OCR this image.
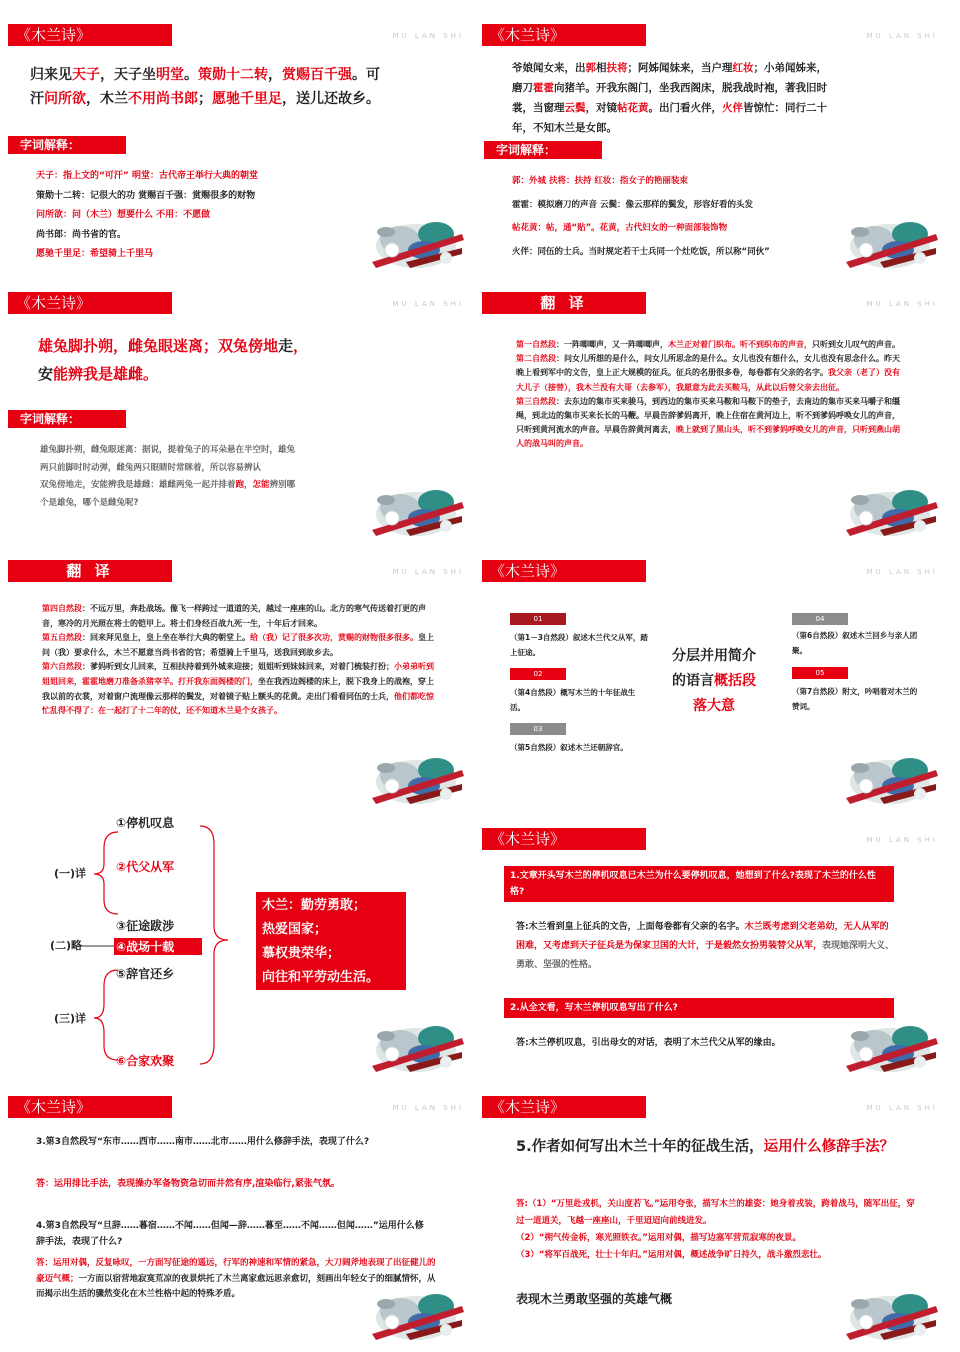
《木兰诗》	MU LAN SHI
归来见天子，天子坐明堂。策勋十二转，赏赐百千强。可
汗问所欲，木兰不用尚书郎；愿驰千里足，送儿还故乡。
字词解释：
天子：指上文的“可汗” 明堂：古代帝王举行大典的朝堂
策勋十二转：记很大的功 赏赐百千强：赏赐很多的财物
问所欲：问（木兰）想要什么 不用：不愿做
尚书郎：尚书省的官。
愿驰千里足：希望骑上千里马
《木兰诗》	MU LAN SHI
爷娘闻女来，出郭相扶将；阿姊闻妹来，当户理红妆；小弟闻姊来，
磨刀霍霍向猪羊。开我东阁门，坐我西阁床，脱我战时袍，著我旧时
裳，当窗理云鬓，对镜帖花黄。出门看火伴，火伴皆惊忙：同行二十
年，不知木兰是女郎。
字词解释：
郭：外城 扶将：扶持 红妆：指女子的艳丽装束
霍霍：模拟磨刀的声音 云鬓：像云那样的鬓发，形容好看的头发
帖花黄：帖，通“贴”。花黄，古代妇女的一种面部装饰物
火伴：同伍的士兵。当时规定若干士兵同一个灶吃饭，所以称“同伙”
《木兰诗》	MU LAN SHI
雄兔脚扑朔，雌兔眼迷离；双兔傍地走，
安能辨我是雄雌。
字词解释：
雄兔脚扑朔，雌兔眼迷离：据说，提着兔子的耳朵悬在半空时，雄兔
两只前脚时时动弹，雌兔两只眼睛时常眯着，所以容易辨认
双兔傍地走，安能辨我是雄雌：雄雌两兔一起并排着跑，怎能辨别哪
个是雄兔，哪个是雌兔呢?
翻 译	MU LAN SHI
第一自然段：一阵唧唧声，又一阵唧唧声，木兰正对着门织布。听不到织布的声音，只听到女儿叹气的声音。
第二自然段：问女儿所想的是什么，问女儿所思念的是什么。女儿也没有想什么，女儿也没有思念什么。昨天晚上看到军中的文告，皇上正大规模的征兵。征兵的名册很多卷，每卷都有父亲的名字。我父亲（老了）没有大儿子（接替），我木兰没有大哥（去参军），我愿意为此去买鞍马，从此以后替父亲去出征。
第三自然段：去东边的集市买来骏马，到西边的集市买来马鞍和马鞍下的垫子，去南边的集市买来马嚼子和缰绳，到北边的集市买来长长的马鞭。早晨告辞爹妈离开，晚上住宿在黄河边上，听不到爹妈呼唤女儿的声音，只听到黄河流水的声音。早晨告辞黄河离去，晚上就到了黑山头，听不到爹妈呼唤女儿的声音，只听到燕山胡人的战马叫的声音。
翻 译	MU LAN SHI
第四自然段：不远万里，奔赴战场。像飞一样跨过一道道的关，越过一座座的山。北方的寒气传送着打更的声音，寒冷的月光照在将士的铠甲上。将士们身经百战九死一生，十年后才回来。
第五自然段：回来拜见皇上，皇上坐在举行大典的朝堂上。给（我）记了很多次功，赏赐的财物很多很多。皇上问（我）要求什么，木兰不愿意当尚书省的官；希望骑上千里马，送我回到故乡去。
第六自然段：爹妈听到女儿回来，互相扶持着到外城来迎接；姐姐听到妹妹回来，对着门梳装打扮；小弟弟听到姐姐回来，霍霍地磨刀准备杀猪宰羊。打开我东面阁楼的门，坐在我西边阁楼的床上，脱下我身上的战袍，穿上我以前的衣裳，对着窗户流理像云那样的鬓发，对着镜子贴上额头的花黄。走出门看看同伍的士兵，他们都吃惊忙乱得不得了：在一起打了十二年的仗，还不知道木兰是个女孩子。
《木兰诗》	MU LAN SHI
01
（第1－3自然段）叙述木兰代父从军，踏上征途。
02
（第4自然段）概写木兰的十年征战生活。
03
（第5自然段）叙述木兰还朝辞官。
04
（第6自然段）叙述木兰回乡与亲人团聚。
05
（第7自然段）附文，吟唱着对木兰的赞词。
分层并用简介
的语言概括段
落大意
①停机叹息
②代父从军
③征途跋涉
④战场十载
⑤辞官还乡
⑥合家欢聚
(一)详
(二)略
(三)详
木兰：勤劳勇敢；
热爱国家；
慕权贵荣华；
向往和平劳动生活。
《木兰诗》	MU LAN SHI
1.文章开头写木兰的停机叹息已木兰为什么要停机叹息，她想到了什么?表现了木兰的什么性格?
答:木兰看到皇上征兵的文告，上面每卷都有父亲的名字。木兰既考虑到父老弟幼，无人从军的困难，又考虑到天子征兵是为保家卫国的大计，于是毅然女扮男装替父从军，表现她深明大义、勇敢、坚强的性格。
2.从全文看，写木兰停机叹息写出了什么?
答:木兰停机叹息，引出母女的对话，表明了木兰代父从军的缘由。
《木兰诗》	MU LAN SHI
3.第3自然段写“东市……西市……南市……北市……用什么修辞手法，表现了什么?
答：运用排比手法，表现操办军备物资急切而井然有序,渲染临行,紧张气氛。
4.第3自然段写“旦辞……暮宿……不闻……但闻—辞……暮至……不闻……但闻……”运用什么修辞手法，表现了什么?
答：运用对偶，反复咏叹，一方面写征途的遥远，行军的神速和军情的紧急，大刀阔斧地表现了出征健儿的豪迈气概；一方面以宿营地寂寞荒凉的夜景烘托了木兰离家愈远思亲愈切，刻画出年轻女子的细腻情怀，从而揭示出生活的骤然变化在木兰性格中起的特殊矛盾。
《木兰诗》	MU LAN SHI
5.作者如何写出木兰十年的征战生活，运用什么修辞手法？
答:（1）“万里赴戎机，关山度若飞。”运用夸张，描写木兰的雄姿：她身着戎装，跨着战马，随军出征，穿过一道道关，飞越一座座山，千里迢迢向前线进发。
（2）“朔气传金柝，寒光照铁衣。”运用对偶，描写边塞军营荒寂寒的夜景。
（3）“将军百战死，壮士十年归。”运用对偶，概述战争旷日持久，战斗激烈悲壮。
表现木兰勇敢坚强的英雄气概
